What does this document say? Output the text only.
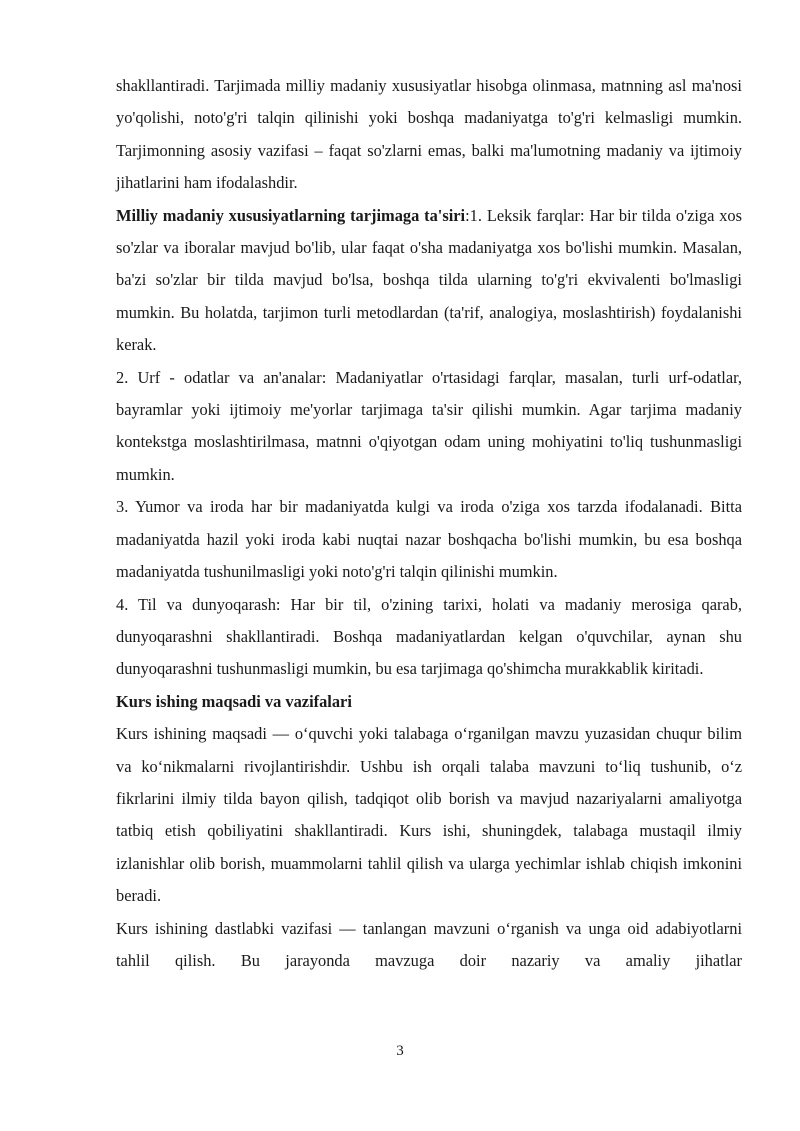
shakllantiradi. Tarjimada milliy madaniy xususiyatlar hisobga olinmasa, matnning asl ma'nosi yo'qolishi, noto'g'ri talqin qilinishi yoki boshqa madaniyatga to'g'ri kelmasligi mumkin. Tarjimonning asosiy vazifasi – faqat so'zlarni emas, balki ma'lumotning madaniy va ijtimoiy jihatlarini ham ifodalashdir.

Milliy madaniy xususiyatlarning tarjimaga ta'siri:1. Leksik farqlar: Har bir tilda o'ziga xos so'zlar va iboralar mavjud bo'lib, ular faqat o'sha madaniyatga xos bo'lishi mumkin. Masalan, ba'zi so'zlar bir tilda mavjud bo'lsa, boshqa tilda ularning to'g'ri ekvivalenti bo'lmasligi mumkin. Bu holatda, tarjimon turli metodlardan (ta'rif, analogiya, moslashtirish) foydalanishi kerak.

2. Urf - odatlar va an'analar: Madaniyatlar o'rtasidagi farqlar, masalan, turli urf-odatlar, bayramlar yoki ijtimoiy me'yorlar tarjimaga ta'sir qilishi mumkin. Agar tarjima madaniy kontekstga moslashtirilmasa, matnni o'qiyotgan odam uning mohiyatini to'liq tushunmasligi mumkin.

3. Yumor va iroda har bir madaniyatda kulgi va iroda o'ziga xos tarzda ifodalanadi. Bitta madaniyatda hazil yoki iroda kabi nuqtai nazar boshqacha bo'lishi mumkin, bu esa boshqa madaniyatda tushunilmasligi yoki noto'g'ri talqin qilinishi mumkin.

4. Til va dunyoqarash: Har bir til, o'zining tarixi, holati va madaniy merosiga qarab, dunyoqarashni shakllantiradi. Boshqa madaniyatlardan kelgan o'quvchilar, aynan shu dunyoqarashni tushunmasligi mumkin, bu esa tarjimaga qo'shimcha murakkablik kiritadi.

Kurs ishing maqsadi va vazifalari

Kurs ishining maqsadi — o‘quvchi yoki talabaga o‘rganilgan mavzu yuzasidan chuqur bilim va ko‘nikmalarni rivojlantirishdir. Ushbu ish orqali talaba mavzuni to‘liq tushunib, o‘z fikrlarini ilmiy tilda bayon qilish, tadqiqot olib borish va mavjud nazariyalarni amaliyotga tatbiq etish qobiliyatini shakllantiradi. Kurs ishi, shuningdek, talabaga mustaqil ilmiy izlanishlar olib borish, muammolarni tahlil qilish va ularga yechimlar ishlab chiqish imkonini beradi.

Kurs ishining dastlabki vazifasi — tanlangan mavzuni o‘rganish va unga oid adabiyotlarni tahlil qilish. Bu jarayonda mavzuga doir nazariy va amaliy jihatlar

3
